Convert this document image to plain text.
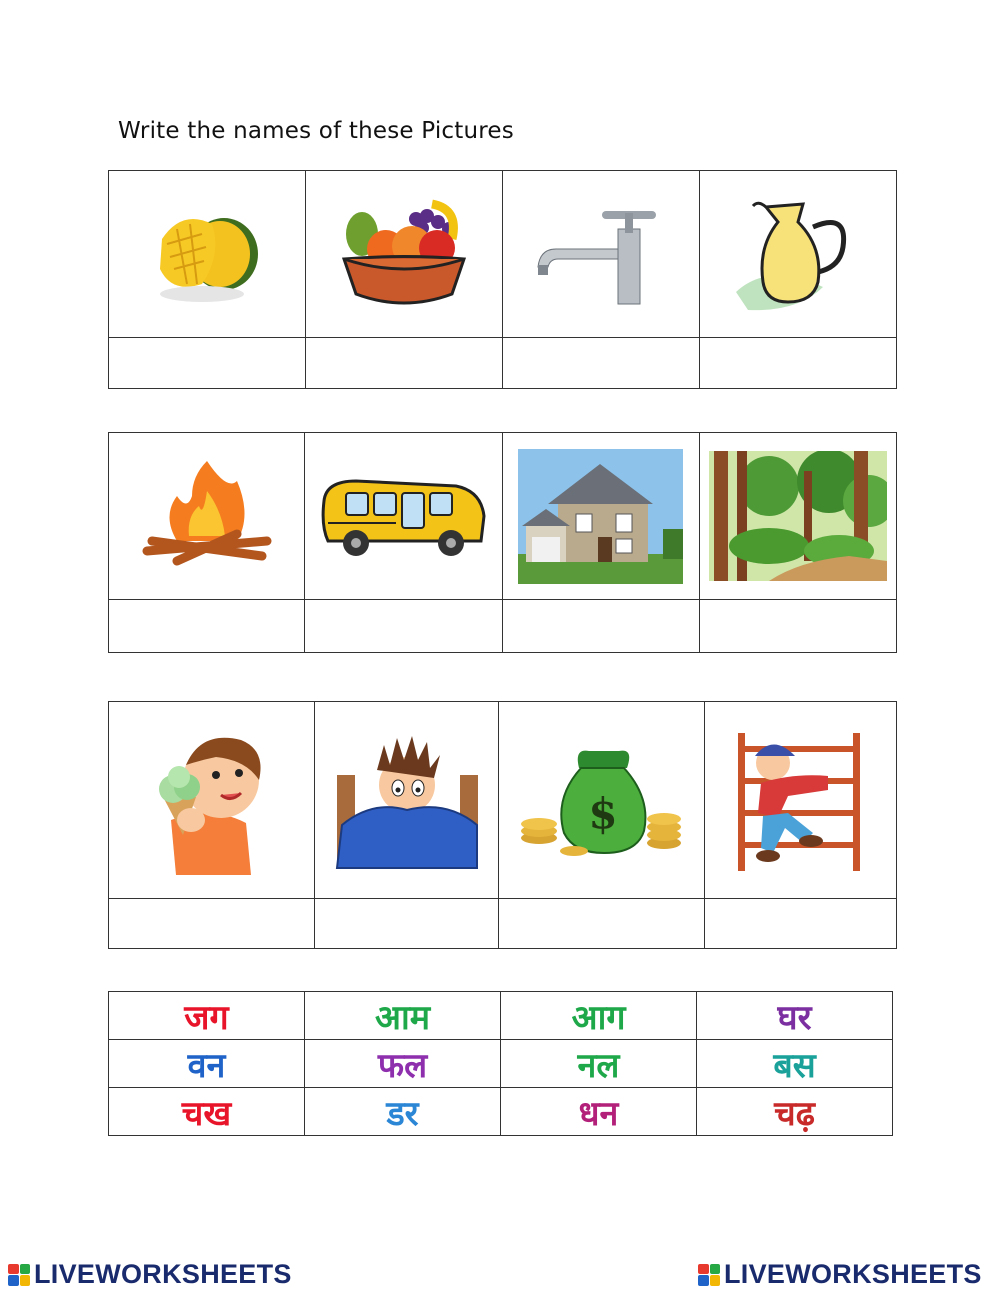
Write the names of these Pictures

$

जग	आम	आग	घर
वन	फल	नल	बस
चख	डर	धन	चढ़
LIVEWORKSHEETS	LIVEWORKSHEETS
